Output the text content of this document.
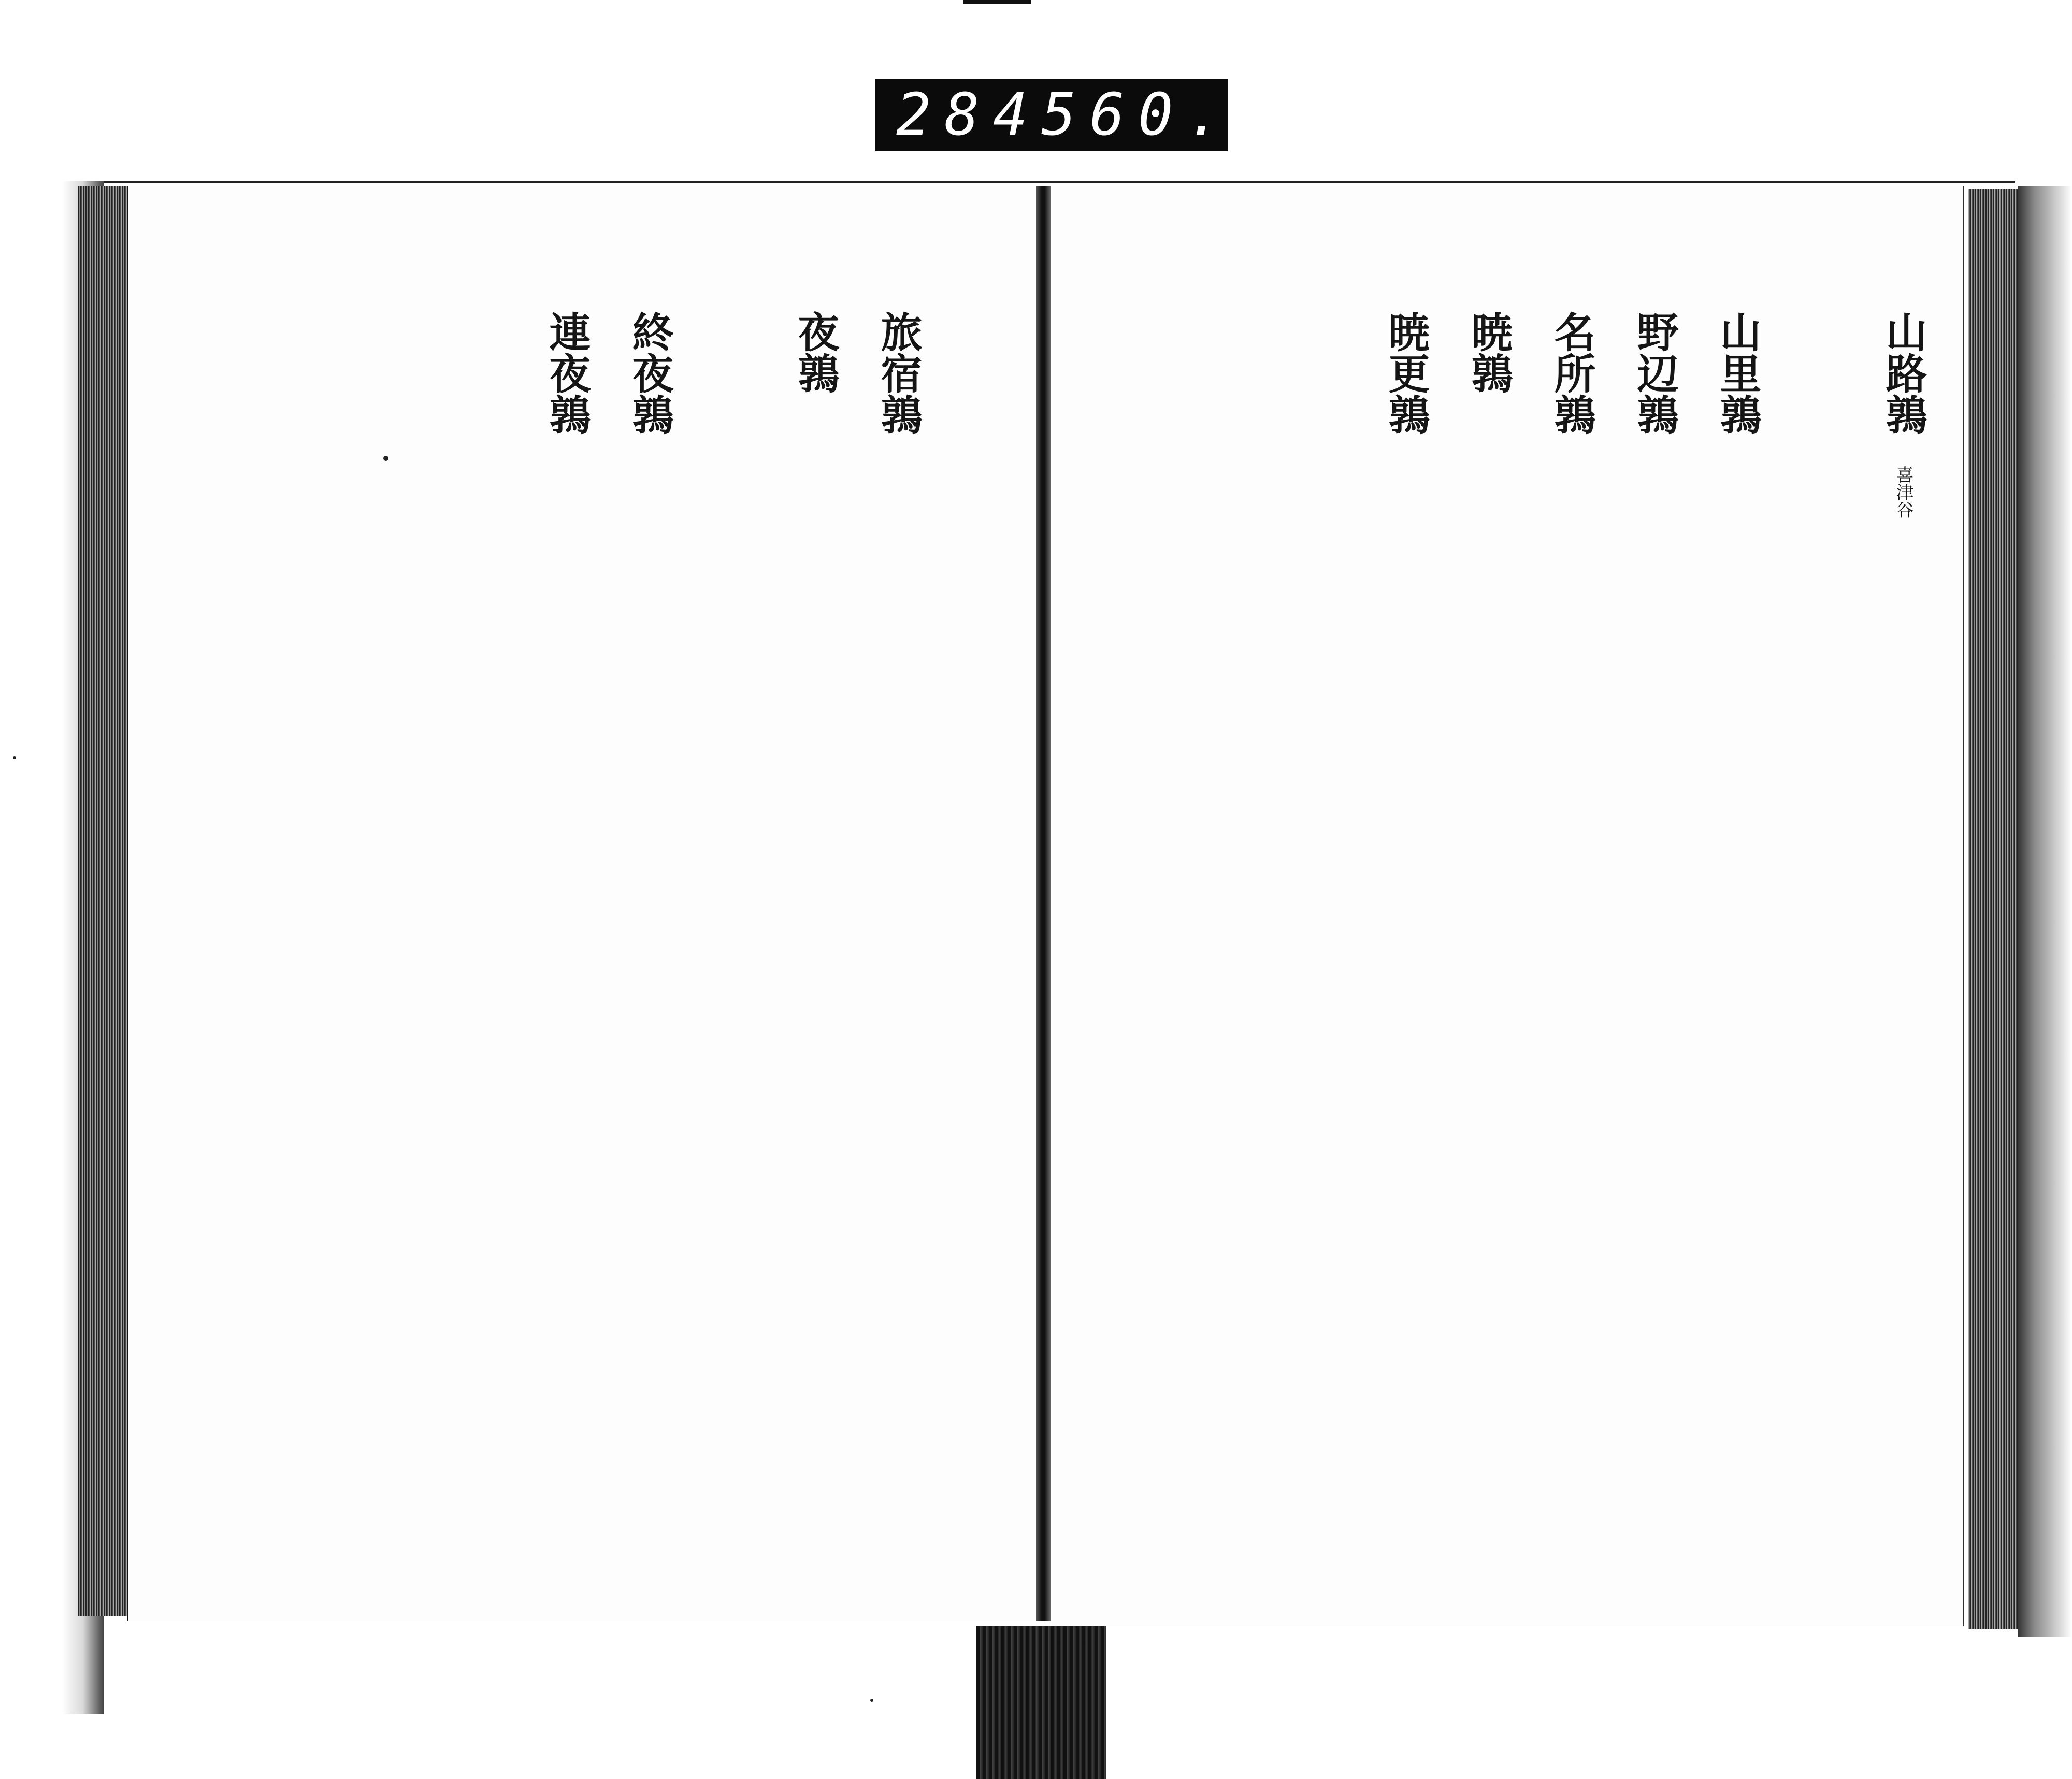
284 560.
山路鶉 喜津谷
山里鶉
野辺鶉
名所鶉
暁鶉
暁更鶉
旅宿鶉
夜鶉
終夜鶉
連夜鶉
